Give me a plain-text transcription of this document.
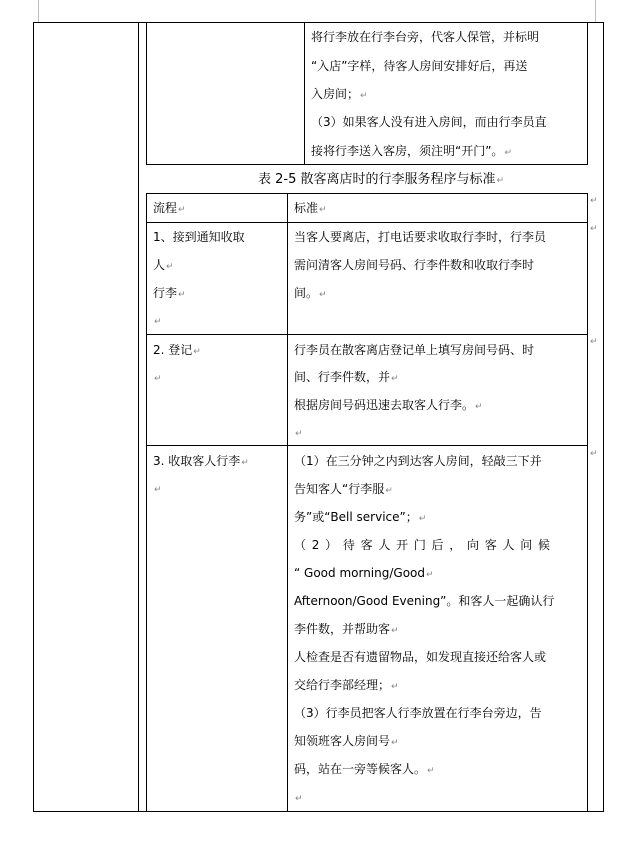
将行李放在行李台旁，代客人保管，并标明
“入店”字样，待客人房间安排好后，再送
入房间；↵
（3）如果客人没有进入房间，而由行李员直
接将行李送入客房，须注明“开门”。↵
表 2-5 散客离店时的行李服务程序与标准↵
流程↵	标准↵
1、接到通知收取
人↵
行李↵
↵
当客人要离店，打电话要求收取行李时，行李员
需问清客人房间号码、行李件数和收取行李时
间。↵
2. 登记↵
↵
行李员在散客离店登记单上填写房间号码、时
间、行李件数，并↵
根据房间号码迅速去取客人行李。↵
↵
3. 收取客人行李↵
↵
（1）在三分钟之内到达客人房间，轻敲三下并
告知客人“行李服↵
务”或“Bell service”；↵
（2）待客人开门后，向客人问候
“ Good morning/Good↵
Afternoon/Good Evening”。和客人一起确认行
李件数，并帮助客↵
人检查是否有遗留物品，如发现直接还给客人或
交给行李部经理；↵
（3）行李员把客人行李放置在行李台旁边，告
知领班客人房间号↵
码，站在一旁等候客人。↵
↵
↵
↵
↵
↵
